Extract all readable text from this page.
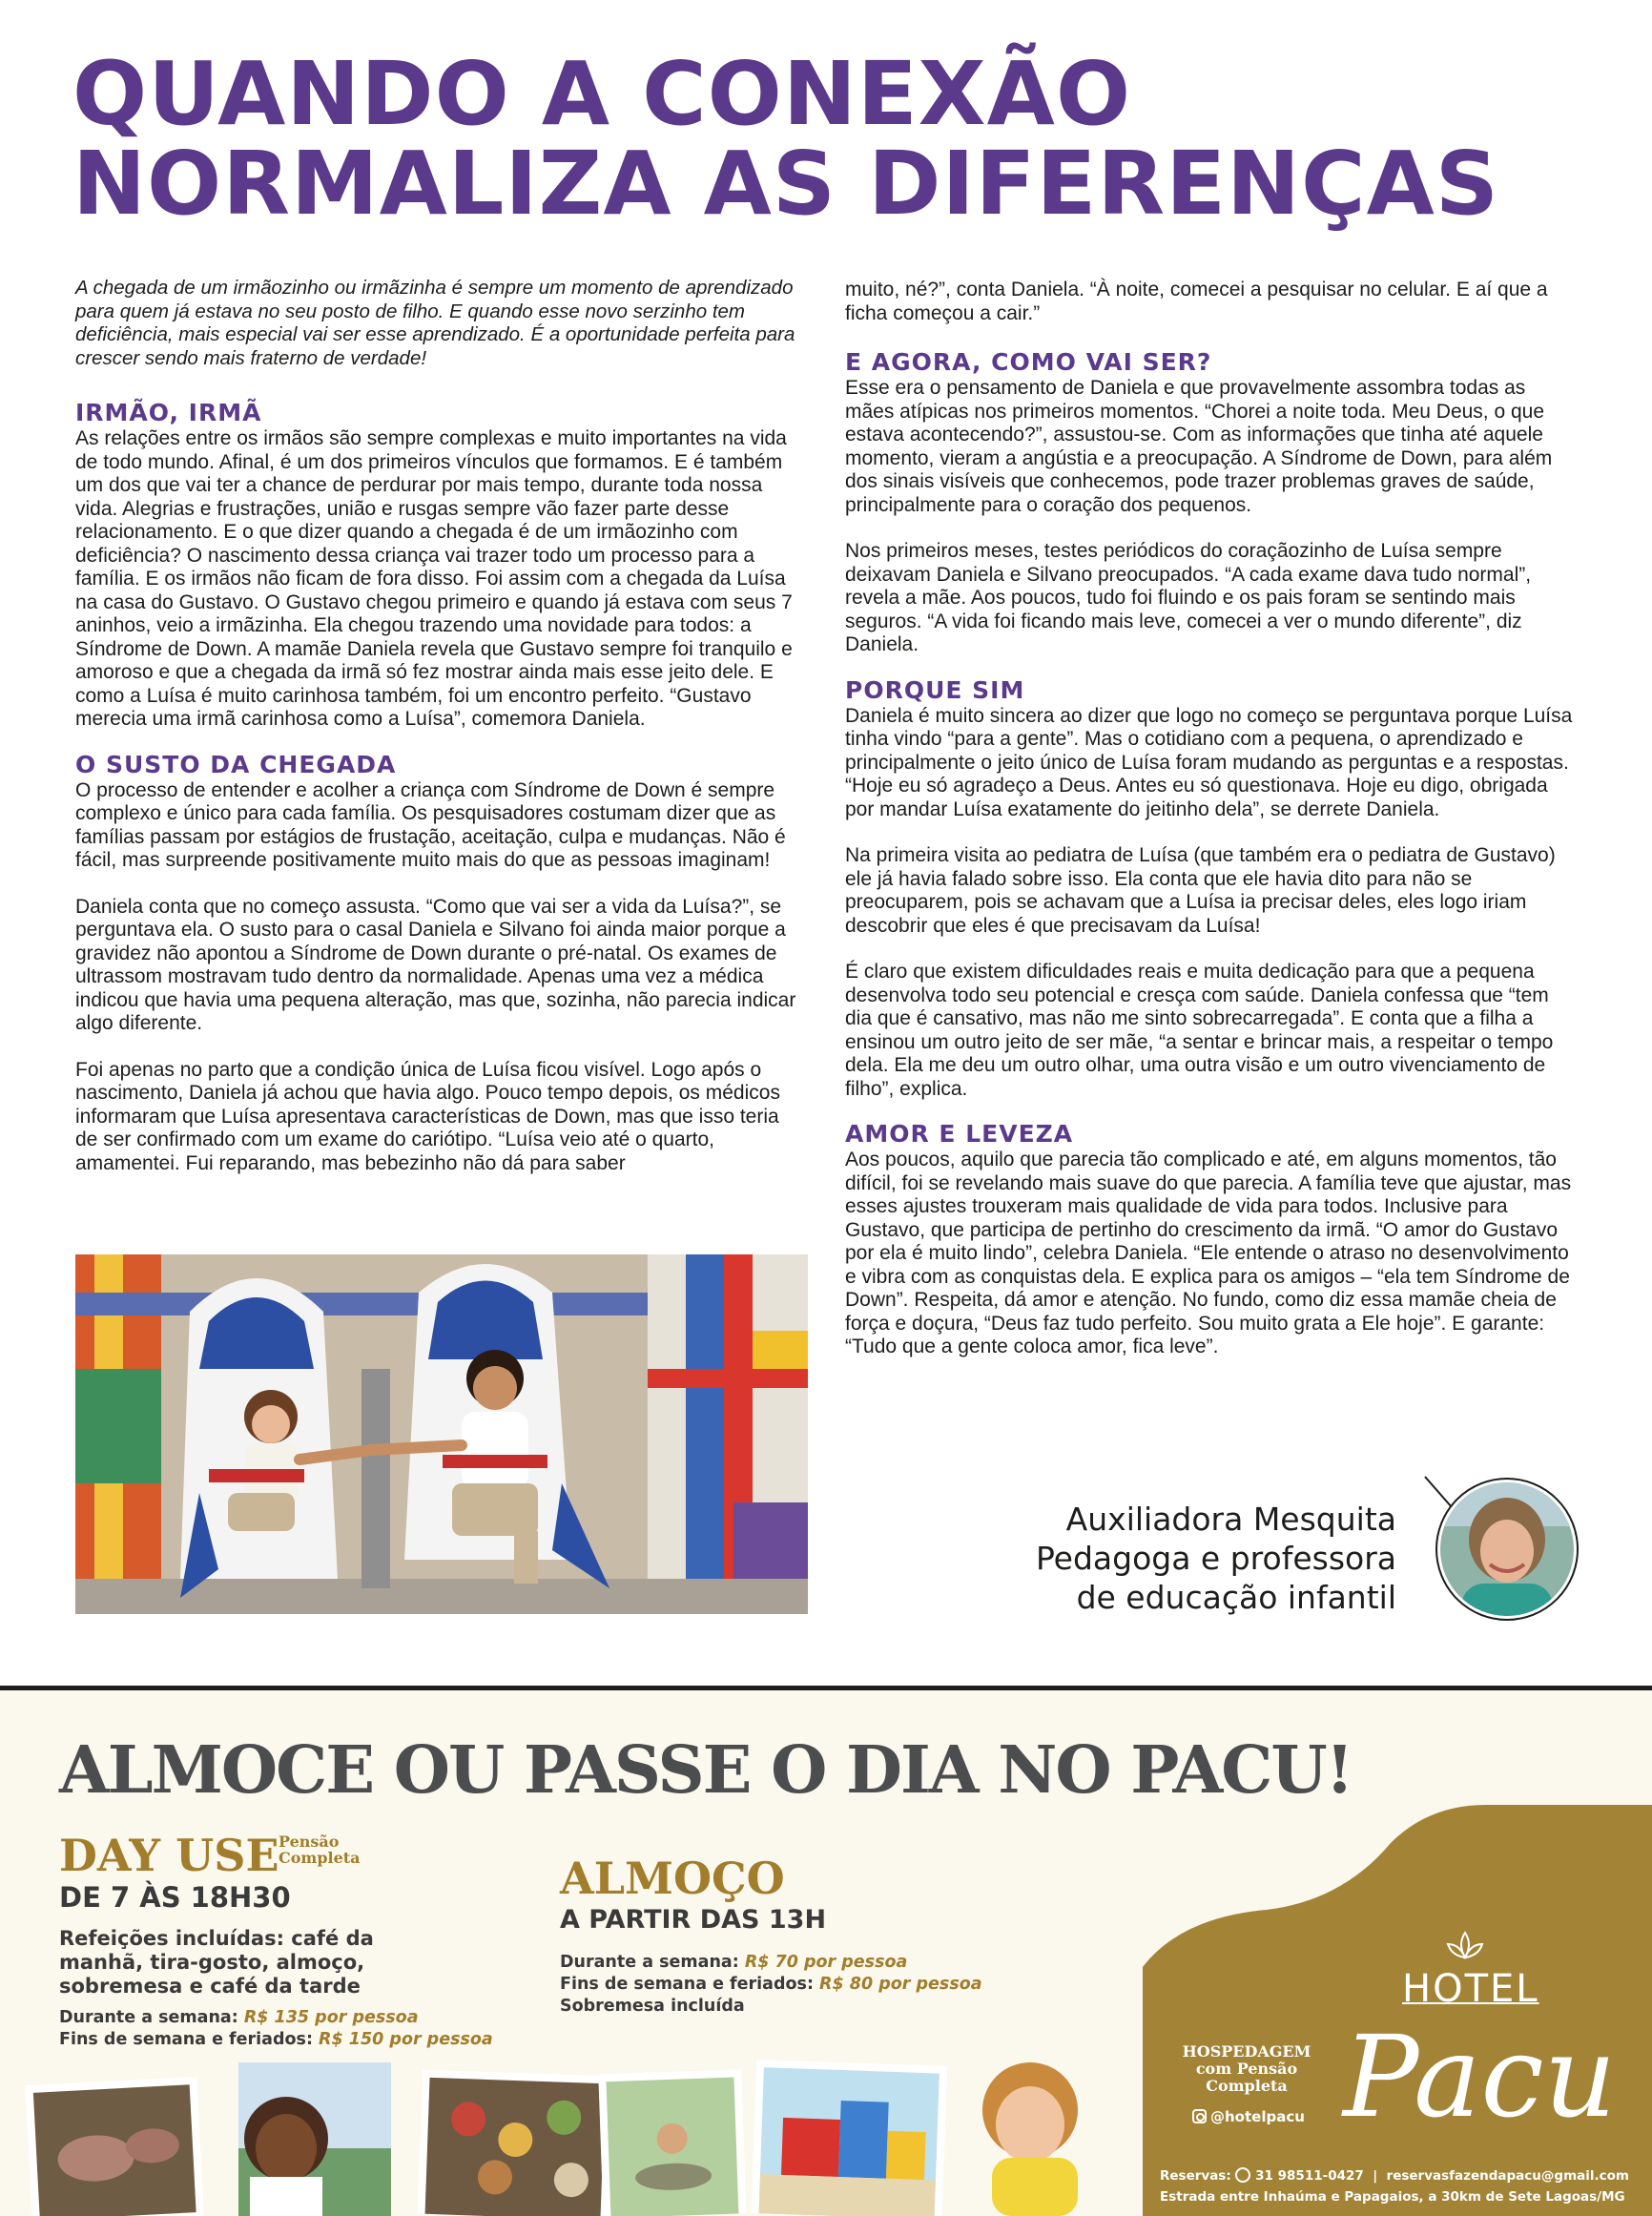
QUANDO A CONEXÃO
NORMALIZA AS DIFERENÇAS

A chegada de um irmãozinho ou irmãzinha é sempre um momento de aprendizado para quem já estava no seu posto de filho. E quando esse novo serzinho tem deficiência, mais especial vai ser esse aprendizado. É a oportunidade perfeita para crescer sendo mais fraterno de verdade!

IRMÃO, IRMÃ

As relações entre os irmãos são sempre complexas e muito importantes na vida de todo mundo. Afinal, é um dos primeiros vínculos que formamos. E é também um dos que vai ter a chance de perdurar por mais tempo, durante toda nossa vida. Alegrias e frustrações, união e rusgas sempre vão fazer parte desse relacionamento. E o que dizer quando a chegada é de um irmãozinho com deficiência? O nascimento dessa criança vai trazer todo um processo para a família. E os irmãos não ficam de fora disso. Foi assim com a chegada da Luísa na casa do Gustavo. O Gustavo chegou primeiro e quando já estava com seus 7 aninhos, veio a irmãzinha. Ela chegou trazendo uma novidade para todos: a Síndrome de Down. A mamãe Daniela revela que Gustavo sempre foi tranquilo e amoroso e que a chegada da irmã só fez mostrar ainda mais esse jeito dele. E como a Luísa é muito carinhosa também, foi um encontro perfeito. “Gustavo merecia uma irmã carinhosa como a Luísa”, comemora Daniela.

O SUSTO DA CHEGADA

O processo de entender e acolher a criança com Síndrome de Down é sempre complexo e único para cada família. Os pesquisadores costumam dizer que as famílias passam por estágios de frustação, aceitação, culpa e mudanças. Não é fácil, mas surpreende positivamente muito mais do que as pessoas imaginam!

Daniela conta que no começo assusta. “Como que vai ser a vida da Luísa?”, se perguntava ela. O susto para o casal Daniela e Silvano foi ainda maior porque a gravidez não apontou a Síndrome de Down durante o pré-natal. Os exames de ultrassom mostravam tudo dentro da normalidade. Apenas uma vez a médica indicou que havia uma pequena alteração, mas que, sozinha, não parecia indicar algo diferente.

Foi apenas no parto que a condição única de Luísa ficou visível. Logo após o nascimento, Daniela já achou que havia algo. Pouco tempo depois, os médicos informaram que Luísa apresentava características de Down, mas que isso teria de ser confirmado com um exame do cariótipo. “Luísa veio até o quarto, amamentei. Fui reparando, mas bebezinho não dá para saber

muito, né?”, conta Daniela. “À noite, comecei a pesquisar no celular. E aí que a ficha começou a cair.”

E AGORA, COMO VAI SER?

Esse era o pensamento de Daniela e que provavelmente assombra todas as mães atípicas nos primeiros momentos. “Chorei a noite toda. Meu Deus, o que estava acontecendo?”, assustou-se. Com as informações que tinha até aquele momento, vieram a angústia e a preocupação. A Síndrome de Down, para além dos sinais visíveis que conhecemos, pode trazer problemas graves de saúde, principalmente para o coração dos pequenos.

Nos primeiros meses, testes periódicos do coraçãozinho de Luísa sempre deixavam Daniela e Silvano preocupados. “A cada exame dava tudo normal”, revela a mãe. Aos poucos, tudo foi fluindo e os pais foram se sentindo mais seguros. “A vida foi ficando mais leve, comecei a ver o mundo diferente”, diz Daniela.

PORQUE SIM

Daniela é muito sincera ao dizer que logo no começo se perguntava porque Luísa tinha vindo “para a gente”. Mas o cotidiano com a pequena, o aprendizado e principalmente o jeito único de Luísa foram mudando as perguntas e a respostas. “Hoje eu só agradeço a Deus. Antes eu só questionava. Hoje eu digo, obrigada por mandar Luísa exatamente do jeitinho dela”, se derrete Daniela.

Na primeira visita ao pediatra de Luísa (que também era o pediatra de Gustavo) ele já havia falado sobre isso. Ela conta que ele havia dito para não se preocuparem, pois se achavam que a Luísa ia precisar deles, eles logo iriam descobrir que eles é que precisavam da Luísa!

É claro que existem dificuldades reais e muita dedicação para que a pequena desenvolva todo seu potencial e cresça com saúde. Daniela confessa que “tem dia que é cansativo, mas não me sinto sobrecarregada”. E conta que a filha a ensinou um outro jeito de ser mãe, “a sentar e brincar mais, a respeitar o tempo dela. Ela me deu um outro olhar, uma outra visão e um outro vivenciamento de filho”, explica.

AMOR E LEVEZA

Aos poucos, aquilo que parecia tão complicado e até, em alguns momentos, tão difícil, foi se revelando mais suave do que parecia. A família teve que ajustar, mas esses ajustes trouxeram mais qualidade de vida para todos. Inclusive para Gustavo, que participa de pertinho do crescimento da irmã. “O amor do Gustavo por ela é muito lindo”, celebra Daniela. “Ele entende o atraso no desenvolvimento e vibra com as conquistas dela. E explica para os amigos – “ela tem Síndrome de Down”. Respeita, dá amor e atenção. No fundo, como diz essa mamãe cheia de força e doçura, “Deus faz tudo perfeito. Sou muito grata a Ele hoje”. E garante: “Tudo que a gente coloca amor, fica leve”.

Auxiliadora Mesquita
Pedagoga e professora
de educação infantil
ALMOCE OU PASSE O DIA NO PACU!
DAY USE Pensão Completa
DE 7 ÀS 18H30
Refeições incluídas: café da manhã, tira-gosto, almoço, sobremesa e café da tarde
Durante a semana: R$ 135 por pessoa
Fins de semana e feriados: R$ 150 por pessoa
ALMOÇO
A PARTIR DAS 13H
Durante a semana: R$ 70 por pessoa
Fins de semana e feriados: R$ 80 por pessoa
Sobremesa incluída	HOTEL
Pacu
HOSPEDAGEM
com Pensão
Completa
@hotelpacu
Reservas: 31 98511-0427  |  reservasfazendapacu@gmail.com
Estrada entre Inhaúma e Papagaios, a 30km de Sete Lagoas/MG
